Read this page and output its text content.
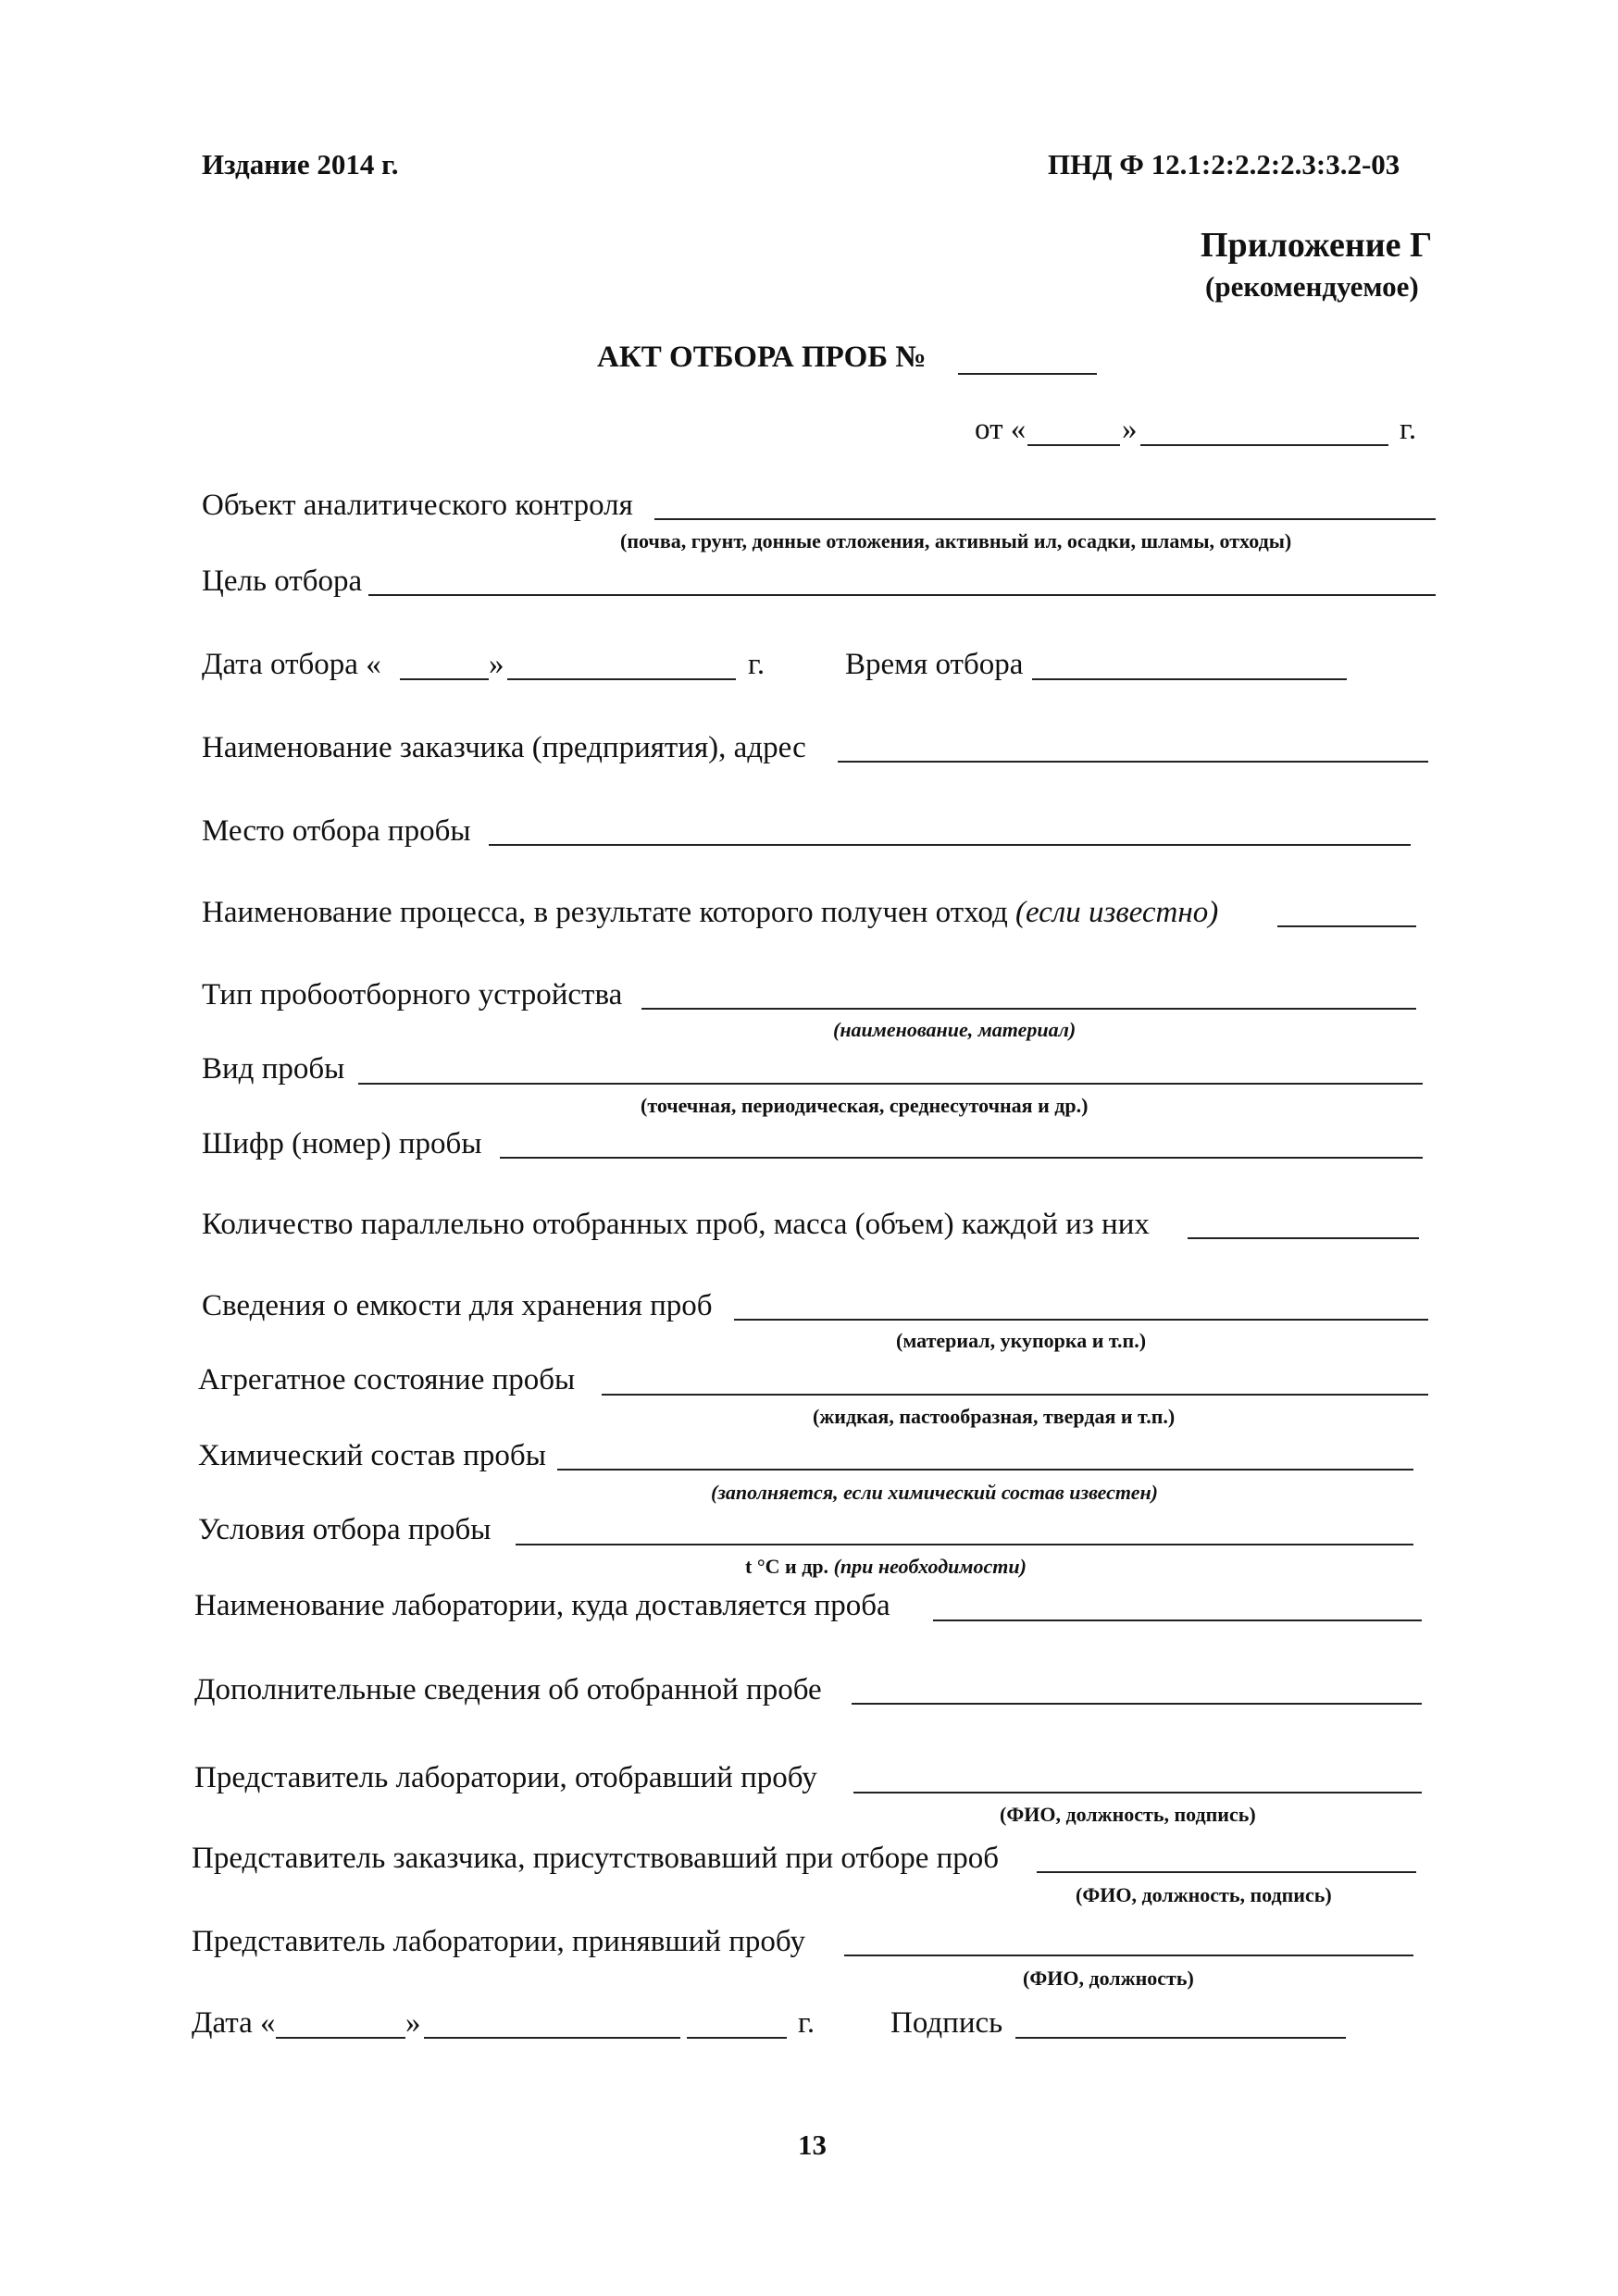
Издание 2014 г.	ПНД Ф 12.1:2:2.2:2.3:3.2-03
Приложение Г
(рекомендуемое)
АКТ ОТБОРА ПРОБ №
от «	»	г.
Объект аналитического контроля
(почва, грунт, донные отложения, активный ил, осадки, шламы, отходы)
Цель отбора
Дата отбора «	»	г.	Время отбора
Наименование заказчика (предприятия), адрес
Место отбора пробы
Наименование процесса, в результате которого получен отход (если известно)
Тип пробоотборного устройства
(наименование, материал)
Вид пробы
(точечная, периодическая, среднесуточная и др.)
Шифр (номер) пробы
Количество параллельно отобранных проб, масса (объем) каждой из них
Сведения о емкости для хранения проб
(материал, укупорка и т.п.)
Агрегатное состояние пробы
(жидкая, пастообразная, твердая и т.п.)
Химический состав пробы
(заполняется, если химический состав известен)
Условия отбора пробы
t °С и др. (при необходимости)
Наименование лаборатории, куда доставляется проба
Дополнительные сведения об отобранной пробе
Представитель лаборатории, отобравший пробу
(ФИО, должность, подпись)
Представитель заказчика, присутствовавший при отборе проб
(ФИО, должность, подпись)
Представитель лаборатории, принявший пробу
(ФИО, должность)
Дата «	»	г. Подпись
13
